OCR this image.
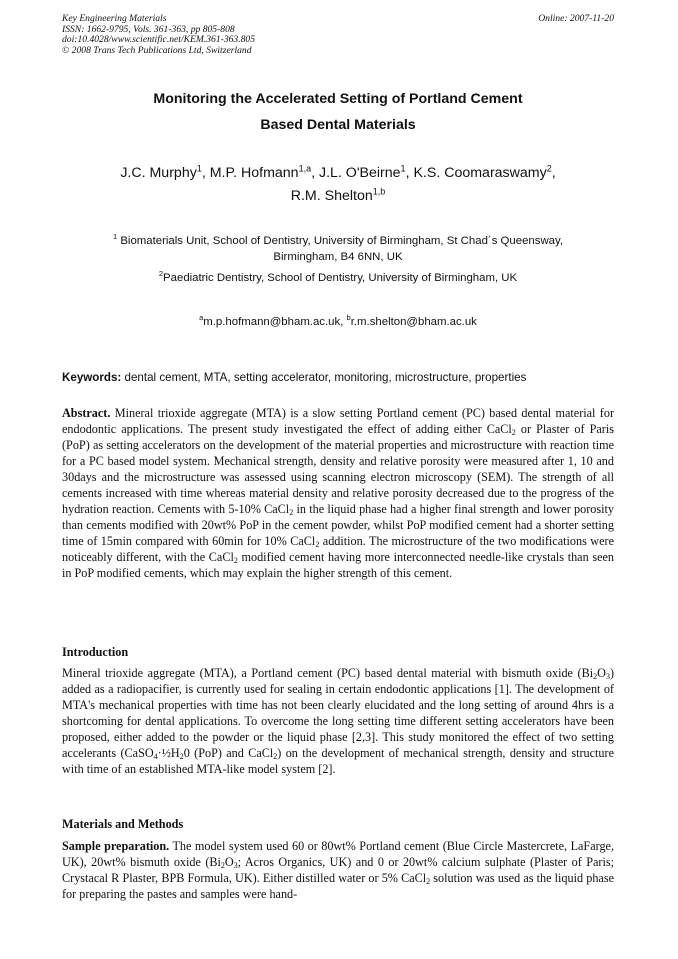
Key Engineering Materials
ISSN: 1662-9795, Vols. 361-363, pp 805-808
doi:10.4028/www.scientific.net/KEM.361-363.805
© 2008 Trans Tech Publications Ltd, Switzerland
Online: 2007-11-20
Monitoring the Accelerated Setting of Portland Cement
Based Dental Materials
J.C. Murphy$^1$, M.P. Hofmann$^{1,a}$, J.L. O'Beirne$^1$, K.S. Coomaraswamy$^2$,
R.M. Shelton$^{1,b}$
$^1$ Biomaterials Unit, School of Dentistry, University of Birmingham, St Chad´s Queensway,
Birmingham, B4 6NN, UK
$^2$Paediatric Dentistry, School of Dentistry, University of Birmingham, UK
$^a$m.p.hofmann@bham.ac.uk, $^b$r.m.shelton@bham.ac.uk
Keywords: dental cement, MTA, setting accelerator, monitoring, microstructure, properties
Abstract. Mineral trioxide aggregate (MTA) is a slow setting Portland cement (PC) based dental material for endodontic applications. The present study investigated the effect of adding either CaCl$_2$ or Plaster of Paris (PoP) as setting accelerators on the development of the material properties and microstructure with reaction time for a PC based model system. Mechanical strength, density and relative porosity were measured after 1, 10 and 30days and the microstructure was assessed using scanning electron microscopy (SEM). The strength of all cements increased with time whereas material density and relative porosity decreased due to the progress of the hydration reaction. Cements with 5-10% CaCl$_2$ in the liquid phase had a higher final strength and lower porosity than cements modified with 20wt% PoP in the cement powder, whilst PoP modified cement had a shorter setting time of 15min compared with 60min for 10% CaCl$_2$ addition. The microstructure of the two modifications were noticeably different, with the CaCl$_2$ modified cement having more interconnected needle-like crystals than seen in PoP modified cements, which may explain the higher strength of this cement.
Introduction
Mineral trioxide aggregate (MTA), a Portland cement (PC) based dental material with bismuth oxide $(Bi_2O_3)$ added as a radiopacifier, is currently used for sealing in certain endodontic applications [1]. The development of MTA's mechanical properties with time has not been clearly elucidated and the long setting of around 4hrs is a shortcoming for dental applications. To overcome the long setting time different setting accelerators have been proposed, either added to the powder or the liquid phase [2,3]. This study monitored the effect of two setting accelerants ($CaSO_4\cdot\frac{1}{2}H_20$ (PoP) and CaCl$_2$) on the development of mechanical strength, density and structure with time of an established MTA-like model system [2].
Materials and Methods
Sample preparation. The model system used 60 or 80wt% Portland cement (Blue Circle Mastercrete, LaFarge, UK), 20wt% bismuth oxide ($Bi_2O_3$; Acros Organics, UK) and 0 or 20wt% calcium sulphate (Plaster of Paris; Crystacal R Plaster, BPB Formula, UK). Either distilled water or 5% CaCl$_2$ solution was used as the liquid phase for preparing the pastes and samples were hand-
